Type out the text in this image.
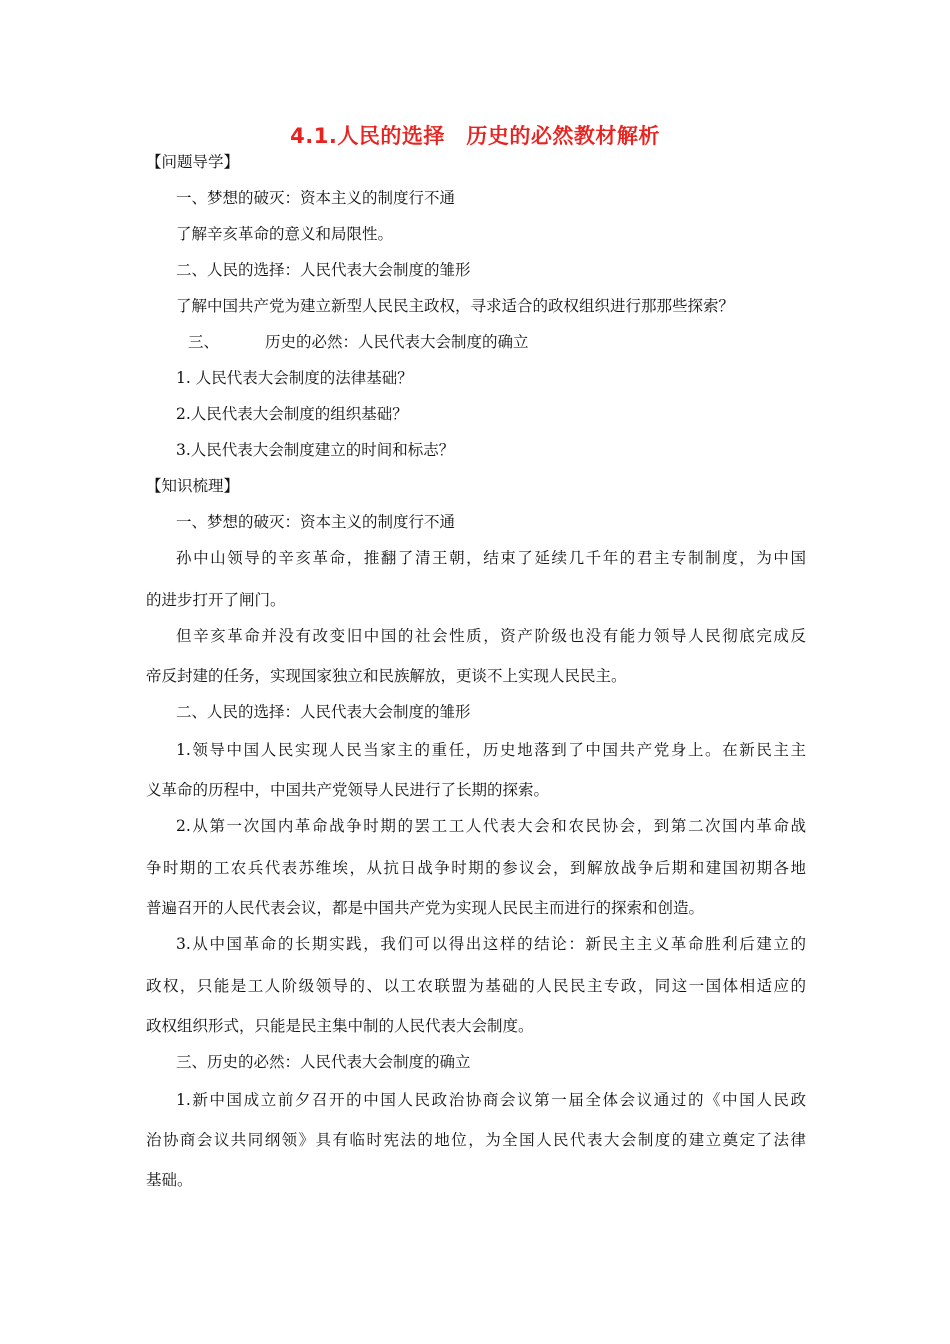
4.1.人民的选择　历史的必然教材解析
【问题导学】
一、梦想的破灭：资本主义的制度行不通
了解辛亥革命的意义和局限性。
二、人民的选择：人民代表大会制度的雏形
了解中国共产党为建立新型人民民主政权，寻求适合的政权组织进行那那些探索？
三、	历史的必然：人民代表大会制度的确立
1. 人民代表大会制度的法律基础？
2.人民代表大会制度的组织基础？
3.人民代表大会制度建立的时间和标志？
【知识梳理】
一、梦想的破灭：资本主义的制度行不通
孙中山领导的辛亥革命，推翻了清王朝，结束了延续几千年的君主专制制度，为中国
的进步打开了闸门。
但辛亥革命并没有改变旧中国的社会性质，资产阶级也没有能力领导人民彻底完成反
帝反封建的任务，实现国家独立和民族解放，更谈不上实现人民民主。
二、人民的选择：人民代表大会制度的雏形
1.领导中国人民实现人民当家主的重任，历史地落到了中国共产党身上。在新民主主
义革命的历程中，中国共产党领导人民进行了长期的探索。
2.从第一次国内革命战争时期的罢工工人代表大会和农民协会，到第二次国内革命战
争时期的工农兵代表苏维埃，从抗日战争时期的参议会，到解放战争后期和建国初期各地
普遍召开的人民代表会议，都是中国共产党为实现人民民主而进行的探索和创造。
3.从中国革命的长期实践，我们可以得出这样的结论：新民主主义革命胜利后建立的
政权，只能是工人阶级领导的、以工农联盟为基础的人民民主专政，同这一国体相适应的
政权组织形式，只能是民主集中制的人民代表大会制度。
三、历史的必然：人民代表大会制度的确立
1.新中国成立前夕召开的中国人民政治协商会议第一届全体会议通过的《中国人民政
治协商会议共同纲领》具有临时宪法的地位，为全国人民代表大会制度的建立奠定了法律
基础。
